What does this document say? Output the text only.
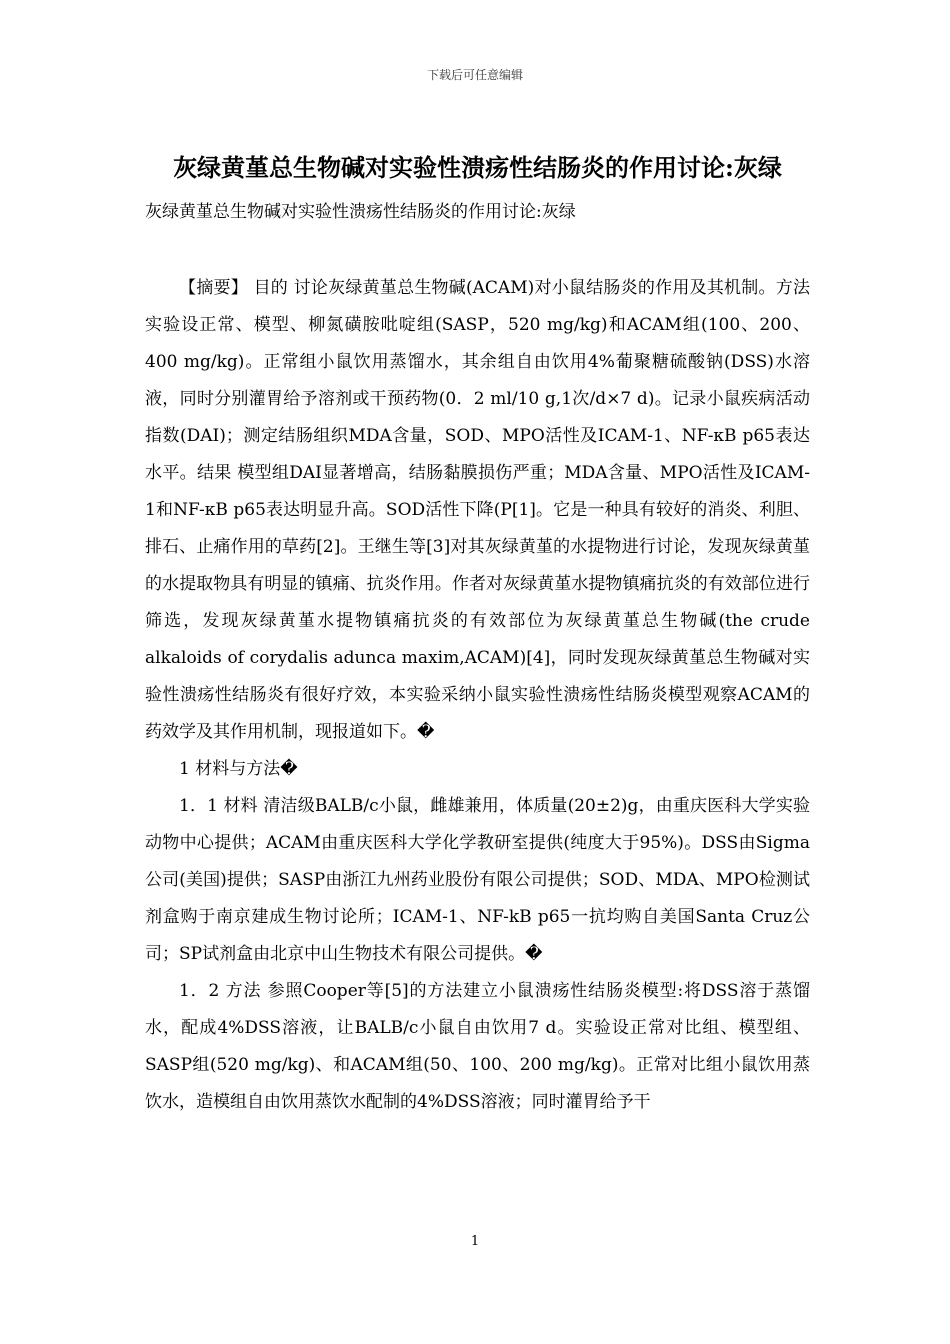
下载后可任意编辑
灰绿黄堇总生物碱对实验性溃疡性结肠炎的作用讨论:灰绿
灰绿黄堇总生物碱对实验性溃疡性结肠炎的作用讨论:灰绿

【摘要】 目的 讨论灰绿黄堇总生物碱(ACAM)对小鼠结肠炎的作用及其机制。方法 实验设正常、模型、柳氮磺胺吡啶组(SASP，520 mg/kg)和ACAM组(100、200、400 mg/kg)。正常组小鼠饮用蒸馏水，其余组自由饮用4%葡聚糖硫酸钠(DSS)水溶液，同时分别灌胃给予溶剂或干预药物(0．2 ml/10 g,1次/d×7 d)。记录小鼠疾病活动指数(DAI)；测定结肠组织MDA含量，SOD、MPO活性及ICAM-1、NF-κB p65表达水平。结果 模型组DAI显著增高，结肠黏膜损伤严重；MDA含量、MPO活性及ICAM-1和NF-κB p65表达明显升高。SOD活性下降(P[1]。它是一种具有较好的消炎、利胆、排石、止痛作用的草药[2]。王继生等[3]对其灰绿黄堇的水提物进行讨论，发现灰绿黄堇的水提取物具有明显的镇痛、抗炎作用。作者对灰绿黄堇水提物镇痛抗炎的有效部位进行筛选，发现灰绿黄堇水提物镇痛抗炎的有效部位为灰绿黄堇总生物碱(the crude alkaloids of corydalis adunca maxim,ACAM)[4]，同时发现灰绿黄堇总生物碱对实验性溃疡性结肠炎有很好疗效，本实验采纳小鼠实验性溃疡性结肠炎模型观察ACAM的药效学及其作用机制，现报道如下。�

1 材料与方法�

1．1 材料 清洁级BALB/c小鼠，雌雄兼用，体质量(20±2)g，由重庆医科大学实验动物中心提供；ACAM由重庆医科大学化学教研室提供(纯度大于95%)。DSS由Sigma公司(美国)提供；SASP由浙江九州药业股份有限公司提供；SOD、MDA、MPO检测试剂盒购于南京建成生物讨论所；ICAM-1、NF-kB p65一抗均购自美国Santa Cruz公司；SP试剂盒由北京中山生物技术有限公司提供。�

1．2 方法 参照Cooper等[5]的方法建立小鼠溃疡性结肠炎模型:将DSS溶于蒸馏水，配成4%DSS溶液，让BALB/c小鼠自由饮用7 d。实验设正常对比组、模型组、SASP组(520 mg/kg)、和ACAM组(50、100、200 mg/kg)。正常对比组小鼠饮用蒸饮水，造模组自由饮用蒸饮水配制的4%DSS溶液；同时灌胃给予干

1
